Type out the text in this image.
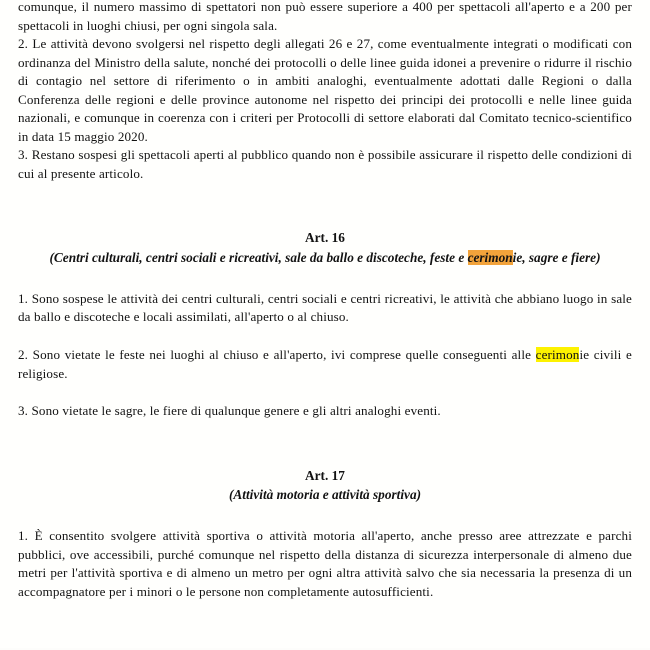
comunque, il numero massimo di spettatori non può essere superiore a 400 per spettacoli all'aperto e a 200 per spettacoli in luoghi chiusi, per ogni singola sala.

2. Le attività devono svolgersi nel rispetto degli allegati 26 e 27, come eventualmente integrati o modificati con ordinanza del Ministro della salute, nonché dei protocolli o delle linee guida idonei a prevenire o ridurre il rischio di contagio nel settore di riferimento o in ambiti analoghi, eventualmente adottati dalle Regioni o dalla Conferenza delle regioni e delle province autonome nel rispetto dei principi dei protocolli e nelle linee guida nazionali, e comunque in coerenza con i criteri per Protocolli di settore elaborati dal Comitato tecnico-scientifico in data 15 maggio 2020.

3. Restano sospesi gli spettacoli aperti al pubblico quando non è possibile assicurare il rispetto delle condizioni di cui al presente articolo.

Art. 16

(Centri culturali, centri sociali e ricreativi, sale da ballo e discoteche, feste e cerimonie, sagre e fiere)

1. Sono sospese le attività dei centri culturali, centri sociali e centri ricreativi, le attività che abbiano luogo in sale da ballo e discoteche e locali assimilati, all'aperto o al chiuso.

2. Sono vietate le feste nei luoghi al chiuso e all'aperto, ivi comprese quelle conseguenti alle cerimonie civili e religiose.

3. Sono vietate le sagre, le fiere di qualunque genere e gli altri analoghi eventi.

Art. 17

(Attività motoria e attività sportiva)

1. È consentito svolgere attività sportiva o attività motoria all'aperto, anche presso aree attrezzate e parchi pubblici, ove accessibili, purché comunque nel rispetto della distanza di sicurezza interpersonale di almeno due metri per l'attività sportiva e di almeno un metro per ogni altra attività salvo che sia necessaria la presenza di un accompagnatore per i minori o le persone non completamente autosufficienti.
